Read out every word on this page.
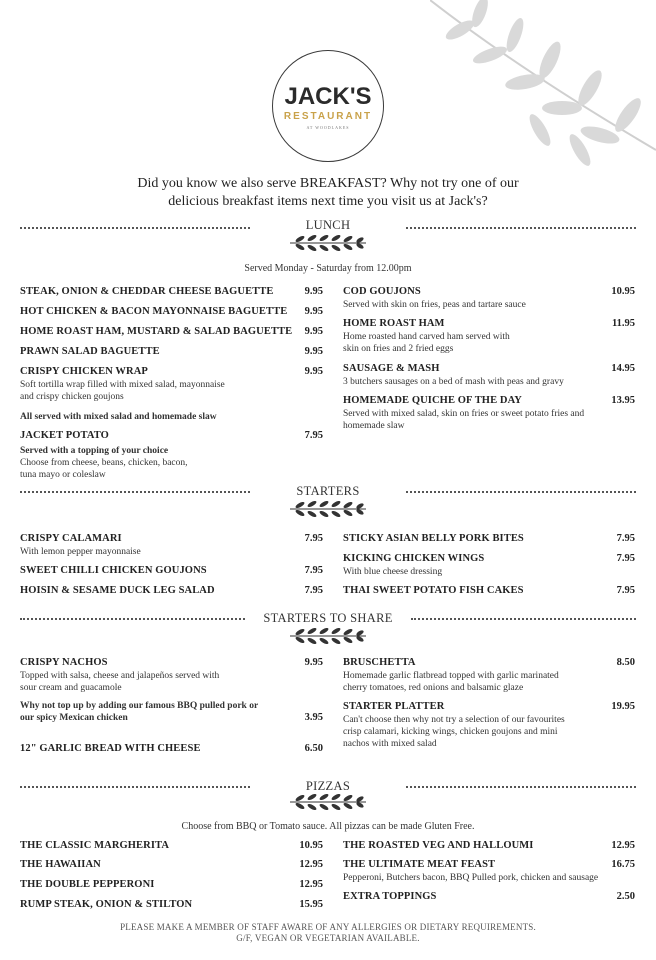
JACK'S
RESTAURANT
AT WOODLAKES
Did you know we also serve BREAKFAST? Why not try one of our
delicious breakfast items next time you visit us at Jack's?
LUNCH
Served Monday - Saturday from 12.00pm
STEAK, ONION & CHEDDAR CHEESE BAGUETTE	9.95
HOT CHICKEN & BACON MAYONNAISE BAGUETTE	9.95
HOME ROAST HAM, MUSTARD & SALAD BAGUETTE	9.95
PRAWN SALAD BAGUETTE	9.95
CRISPY CHICKEN WRAP	9.95
Soft tortilla wrap filled with mixed salad, mayonnaise
and crispy chicken goujons
All served with mixed salad and homemade slaw
JACKET POTATO	7.95
Served with a topping of your choice
Choose from cheese, beans, chicken, bacon,
tuna mayo or coleslaw
COD GOUJONS	10.95
Served with skin on fries, peas and tartare sauce
HOME ROAST HAM	11.95
Home roasted hand carved ham served with
skin on fries and 2 fried eggs
SAUSAGE & MASH	14.95
3 butchers sausages on a bed of mash with peas and gravy
HOMEMADE QUICHE OF THE DAY	13.95
Served with mixed salad, skin on fries or sweet potato fries and
homemade slaw
STARTERS
CRISPY CALAMARI	7.95
With lemon pepper mayonnaise
SWEET CHILLI CHICKEN GOUJONS	7.95
HOISIN & SESAME DUCK LEG SALAD	7.95
STICKY ASIAN BELLY PORK BITES	7.95
KICKING CHICKEN WINGS	7.95
With blue cheese dressing
THAI SWEET POTATO FISH CAKES	7.95
STARTERS TO SHARE
CRISPY NACHOS	9.95
Topped with salsa, cheese and jalapeños served with
sour cream and guacamole
Why not top up by adding our famous BBQ pulled pork or
our spicy Mexican chicken	3.95
12" GARLIC BREAD WITH CHEESE	6.50
BRUSCHETTA	8.50
Homemade garlic flatbread topped with garlic marinated
cherry tomatoes, red onions and balsamic glaze
STARTER PLATTER	19.95
Can't choose then why not try a selection of our favourites
crisp calamari, kicking wings, chicken goujons and mini
nachos with mixed salad
PIZZAS
Choose from BBQ or Tomato sauce. All pizzas can be made Gluten Free.
THE CLASSIC MARGHERITA	10.95
THE HAWAIIAN	12.95
THE DOUBLE PEPPERONI	12.95
RUMP STEAK, ONION & STILTON	15.95
THE ROASTED VEG AND HALLOUMI	12.95
THE ULTIMATE MEAT FEAST	16.75
Pepperoni, Butchers bacon, BBQ Pulled pork, chicken and sausage
EXTRA TOPPINGS	2.50
PLEASE MAKE A MEMBER OF STAFF AWARE OF ANY ALLERGIES OR DIETARY REQUIREMENTS.
G/F, VEGAN OR VEGETARIAN AVAILABLE.
